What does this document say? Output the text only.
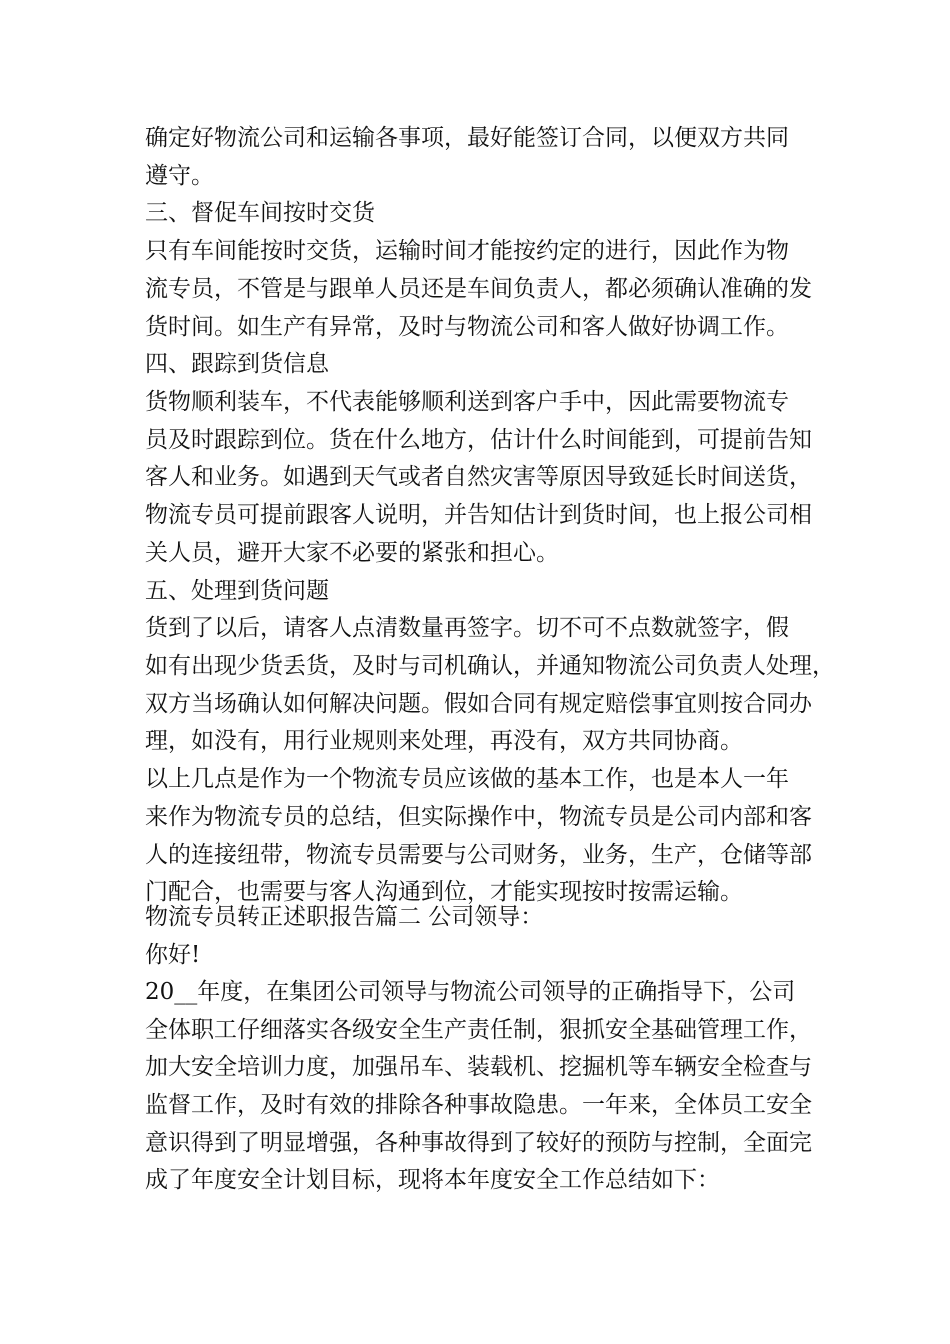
确定好物流公司和运输各事项，最好能签订合同，以便双方共同

遵守。

三、督促车间按时交货

只有车间能按时交货，运输时间才能按约定的进行，因此作为物

流专员，不管是与跟单人员还是车间负责人，都必须确认准确的发

货时间。如生产有异常，及时与物流公司和客人做好协调工作。

四、跟踪到货信息

货物顺利装车，不代表能够顺利送到客户手中，因此需要物流专

员及时跟踪到位。货在什么地方，估计什么时间能到，可提前告知

客人和业务。如遇到天气或者自然灾害等原因导致延长时间送货，

物流专员可提前跟客人说明，并告知估计到货时间，也上报公司相

关人员，避开大家不必要的紧张和担心。

五、处理到货问题

货到了以后，请客人点清数量再签字。切不可不点数就签字，假

如有出现少货丢货，及时与司机确认，并通知物流公司负责人处理，

双方当场确认如何解决问题。假如合同有规定赔偿事宜则按合同办

理，如没有，用行业规则来处理，再没有，双方共同协商。

以上几点是作为一个物流专员应该做的基本工作，也是本人一年

来作为物流专员的总结，但实际操作中，物流专员是公司内部和客

人的连接纽带，物流专员需要与公司财务，业务，生产，仓储等部

门配合，也需要与客人沟通到位，才能实现按时按需运输。

物流专员转正述职报告篇二 公司领导：

你好!

20__年度，在集团公司领导与物流公司领导的正确指导下，公司

全体职工仔细落实各级安全生产责任制，狠抓安全基础管理工作，

加大安全培训力度，加强吊车、装载机、挖掘机等车辆安全检查与

监督工作，及时有效的排除各种事故隐患。一年来，全体员工安全

意识得到了明显增强，各种事故得到了较好的预防与控制，全面完

成了年度安全计划目标，现将本年度安全工作总结如下：
